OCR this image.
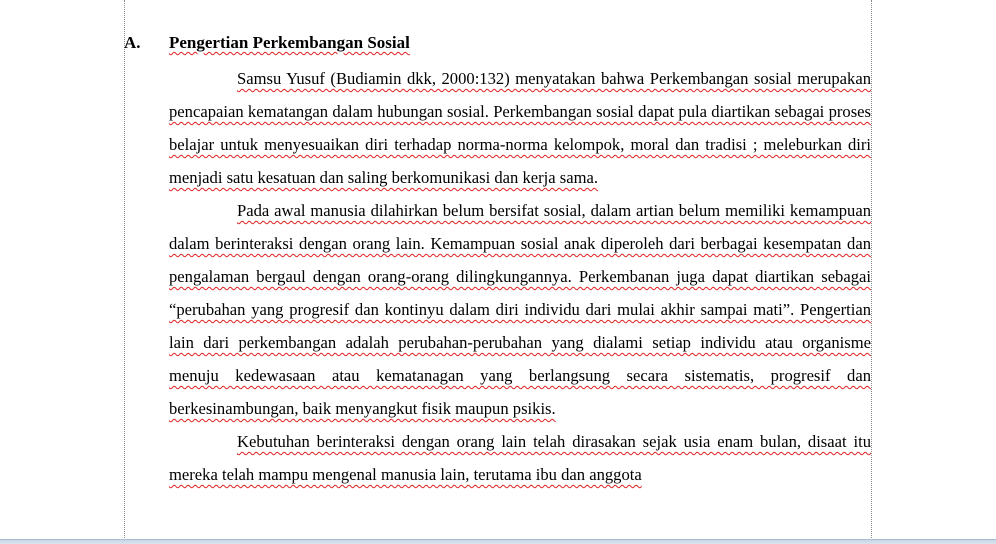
A. Pengertian Perkembangan Sosial

Samsu Yusuf (Budiamin dkk, 2000:132) menyatakan bahwa Perkembangan sosial merupakan pencapaian kematangan dalam hubungan sosial. Perkembangan sosial dapat pula diartikan sebagai proses belajar untuk menyesuaikan diri terhadap norma-norma kelompok, moral dan tradisi ; meleburkan diri menjadi satu kesatuan dan saling berkomunikasi dan kerja sama.

Pada awal manusia dilahirkan belum bersifat sosial, dalam artian belum memiliki kemampuan dalam berinteraksi dengan orang lain. Kemampuan sosial anak diperoleh dari berbagai kesempatan dan pengalaman bergaul dengan orang-orang dilingkungannya. Perkembanan juga dapat diartikan sebagai “perubahan yang progresif dan kontinyu dalam diri individu dari mulai akhir sampai mati”. Pengertian lain dari perkembangan adalah perubahan-perubahan yang dialami setiap individu atau organisme menuju kedewasaan atau kematanagan yang berlangsung secara sistematis, progresif dan berkesinambungan, baik menyangkut fisik maupun psikis.

Kebutuhan berinteraksi dengan orang lain telah dirasakan sejak usia enam bulan, disaat itu mereka telah mampu mengenal manusia lain, terutama ibu dan anggota
